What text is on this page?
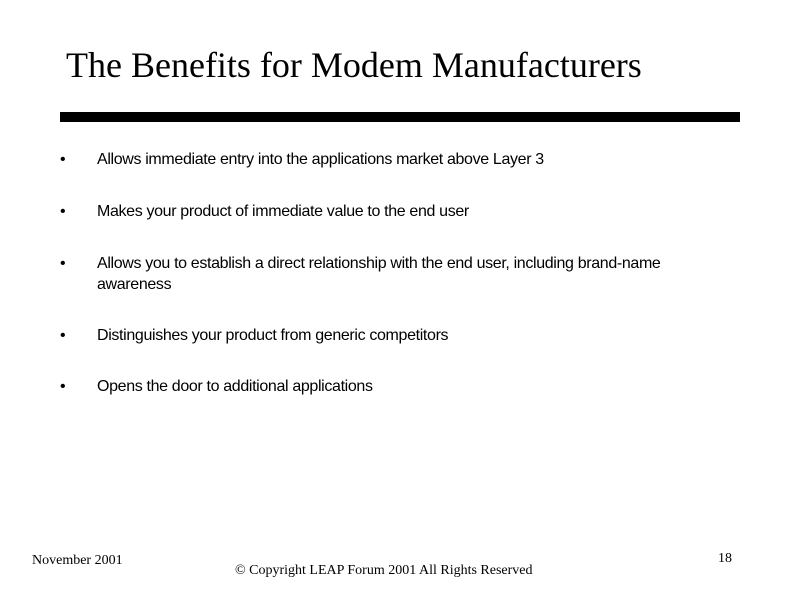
The Benefits for Modem Manufacturers
•	Allows immediate entry into the applications market above Layer 3
•	Makes your product of immediate value to the end user
•	Allows you to establish a direct relationship with the end user, including brand-name awareness
•	Distinguishes your product from generic competitors
•	Opens the door to additional applications
November 2001
© Copyright LEAP Forum 2001 All Rights Reserved
18
